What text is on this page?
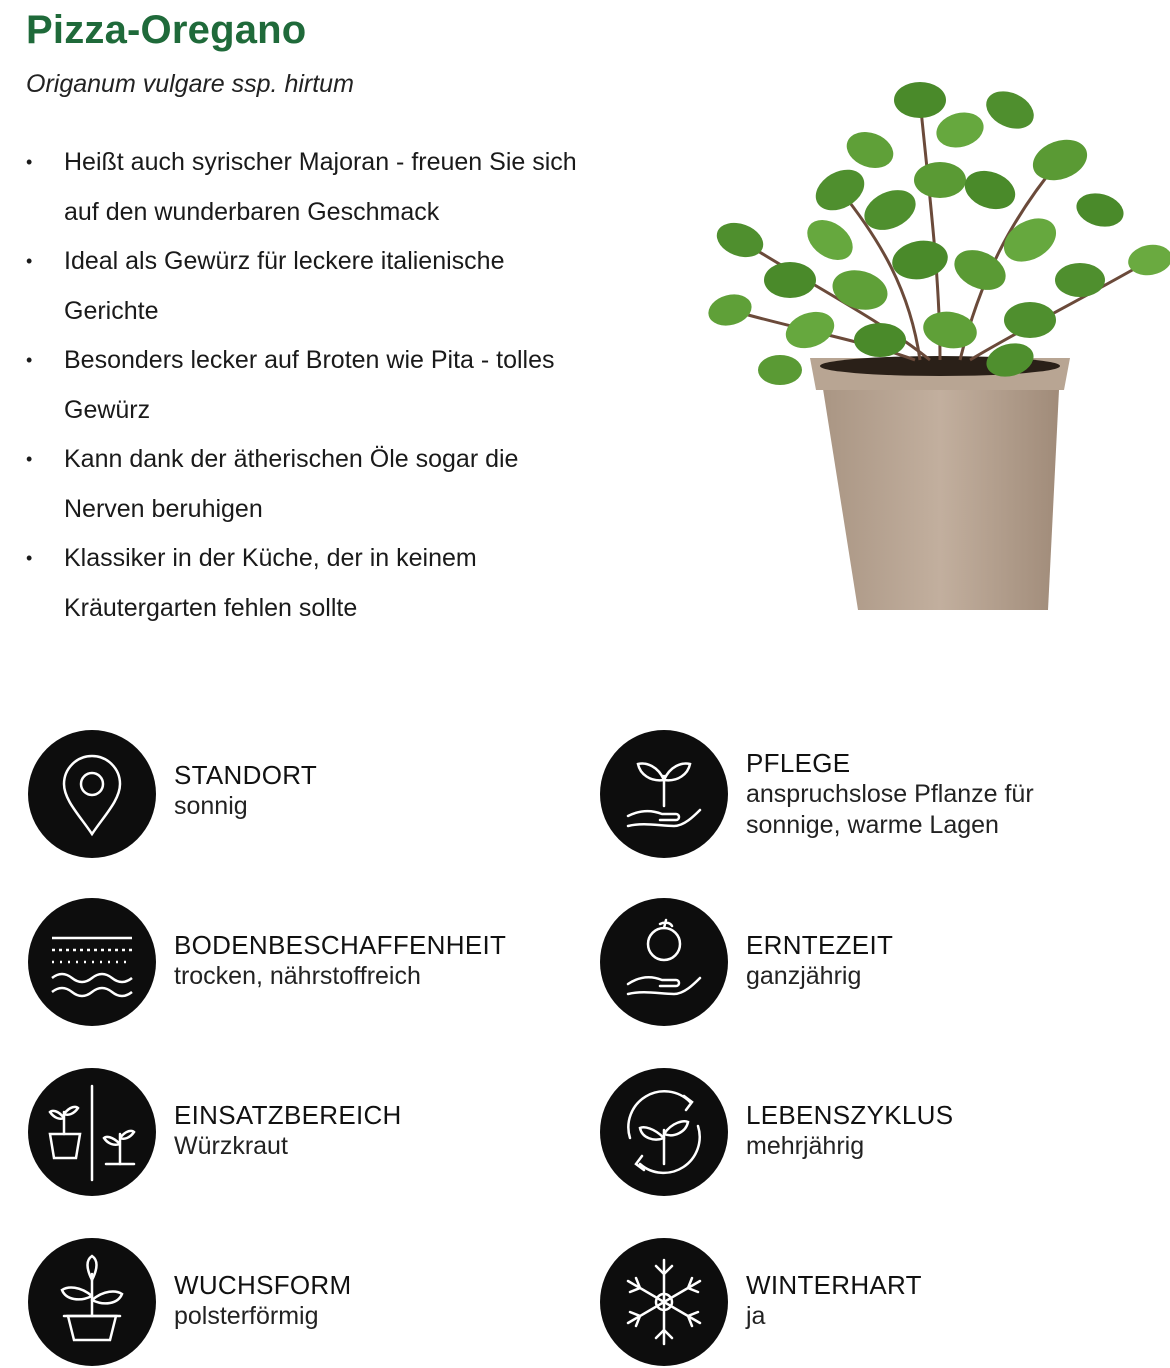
Pizza-Oregano

Origanum vulgare ssp. hirtum

• Heißt auch syrischer Majoran - freuen Sie sich auf den wunderbaren Geschmack
• Ideal als Gewürz für leckere italienische Gerichte
• Besonders lecker auf Broten wie Pita - tolles Gewürz
• Kann dank der ätherischen Öle sogar die Nerven beruhigen
• Klassiker in der Küche, der in keinem Kräutergarten fehlen sollte
STANDORT
sonnig
PFLEGE
anspruchslose Pflanze für sonnige, warme Lagen
BODENBESCHAFFENHEIT
trocken, nährstoffreich
ERNTEZEIT
ganzjährig
EINSATZBEREICH
Würzkraut
LEBENSZYKLUS
mehrjährig
WUCHSFORM
polsterförmig
WINTERHART
ja
